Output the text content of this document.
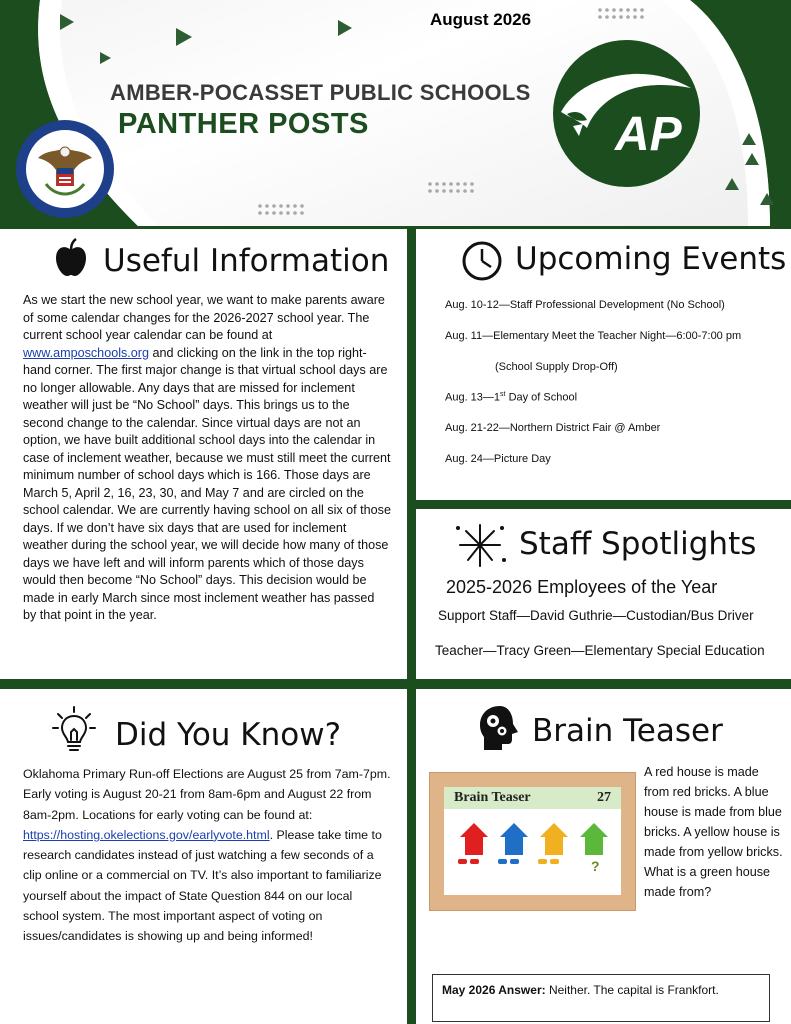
August 2026
AMBER-POCASSET PUBLIC SCHOOLS
PANTHER POSTS	AP
Useful Information
As we start the new school year, we want to make parents aware of some calendar changes for the 2026-2027 school year. The current school year calendar can be found at www.amposchools.org and clicking on the link in the top right-hand corner. The first major change is that virtual school days are no longer allowable. Any days that are missed for inclement weather will just be “No School” days. This brings us to the second change to the calendar. Since virtual days are not an option, we have built additional school days into the calendar in case of inclement weather, because we must still meet the current minimum number of school days which is 166. Those days are March 5, April 2, 16, 23, 30, and May 7 and are circled on the school calendar. We are currently having school on all six of those days. If we don’t have six days that are used for inclement weather during the school year, we will decide how many of those days we have left and will inform parents which of those days would then become “No School” days. This decision would be made in early March since most inclement weather has passed by that point in the year.
Upcoming Events
Aug. 10-12—Staff Professional Development (No School)
Aug. 11—Elementary Meet the Teacher Night—6:00-7:00 pm
(School Supply Drop-Off)
Aug. 13—1st Day of School
Aug. 21-22—Northern District Fair @ Amber
Aug. 24—Picture Day
Staff Spotlights
2025-2026 Employees of the Year
Support Staff—David Guthrie—Custodian/Bus Driver
Teacher—Tracy Green—Elementary Special Education
Did You Know?
Oklahoma Primary Run-off Elections are August 25 from 7am-7pm. Early voting is August 20-21 from 8am-6pm and August 22 from 8am-2pm. Locations for early voting can be found at: https://hosting.okelections.gov/earlyvote.html. Please take time to research candidates instead of just watching a few seconds of a clip online or a commercial on TV. It’s also important to familiarize yourself about the impact of State Question 844 on our local school system. The most important aspect of voting on issues/candidates is showing up and being informed!
Brain Teaser
Brain Teaser	27
?
A red house is made from red bricks. A blue house is made from blue bricks. A yellow house is made from yellow bricks. What is a green house made from?
May 2026 Answer: Neither. The capital is Frankfort.
